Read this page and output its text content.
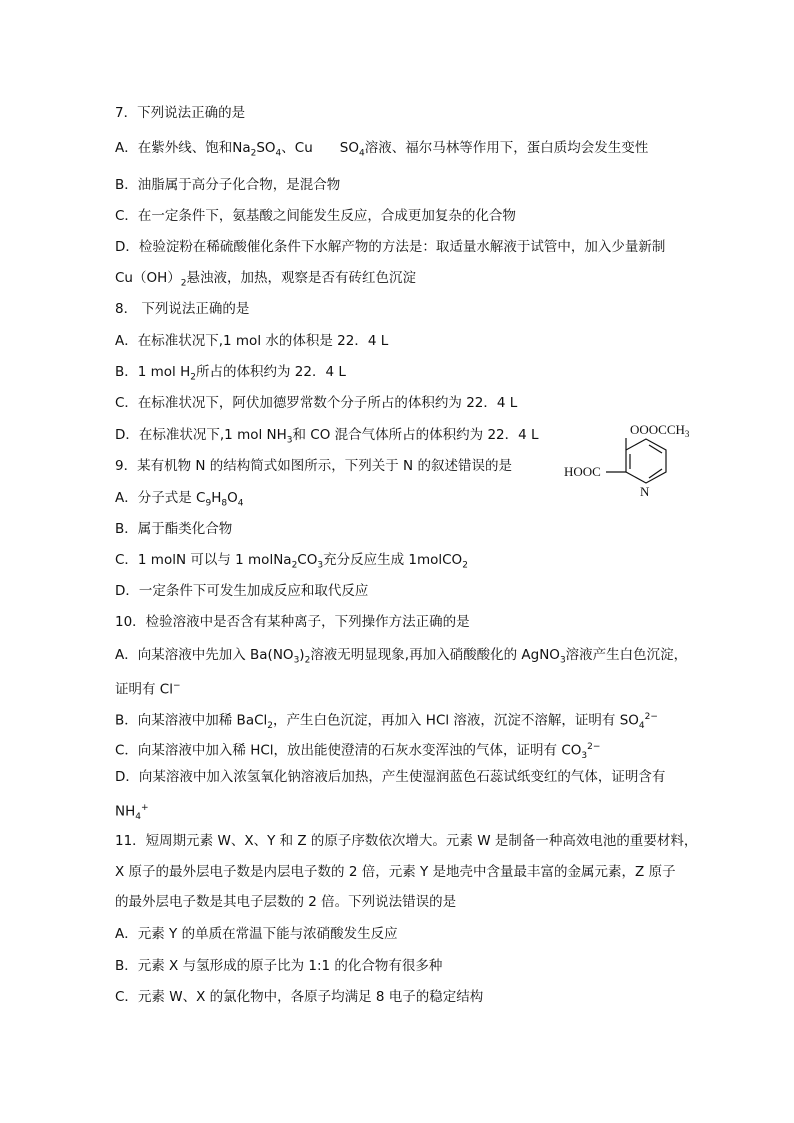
7．下列说法正确的是
A．在紫外线、饱和$Na_2SO_4$、Cu　　$SO_4$溶液、福尔马林等作用下，蛋白质均会发生变性
B．油脂属于高分子化合物，是混合物
C．在一定条件下，氨基酸之间能发生反应，合成更加复杂的化合物
D．检验淀粉在稀硫酸催化条件下水解产物的方法是：取适量水解液于试管中，加入少量新制
$Cu(OH)_2$悬浊液，加热，观察是否有砖红色沉淀
8． 下列说法正确的是
A．在标准状况下,1 mol 水的体积是 22．4 L
B．1 mol $H_2$所占的体积约为 22．4 L
C．在标准状况下，阿伏加德罗常数个分子所占的体积约为 22．4 L
D．在标准状况下,1 mol $NH_3$和 CO 混合气体所占的体积约为 22．4 L	$OOOCCH_3$
HOOC
N
9．某有机物 N 的结构简式如图所示，下列关于 N 的叙述错误的是
A．分子式是 $C_9H_8O_4$
B．属于酯类化合物
C．1 molN 可以与 1 $molNa_2CO_3$充分反应生成 1molCO$_2$
D．一定条件下可发生加成反应和取代反应
10．检验溶液中是否含有某种离子，下列操作方法正确的是
A．向某溶液中先加入 $Ba(NO_3)_2$溶液无明显现象,再加入硝酸酸化的 AgNO$_3$溶液产生白色沉淀，
证明有 Cl−
B．向某溶液中加稀 BaCl$_2$，产生白色沉淀，再加入 HCl 溶液，沉淀不溶解，证明有 $SO_4^{2-}$
C．向某溶液中加入稀 HCl，放出能使澄清的石灰水变浑浊的气体，证明有 $CO_3^{2-}$
D．向某溶液中加入浓氢氧化钠溶液后加热，产生使湿润蓝色石蕊试纸变红的气体，证明含有
$NH_4^+$
11．短周期元素 W、X、Y 和 Z 的原子序数依次增大。元素 W 是制备一种高效电池的重要材料，
X 原子的最外层电子数是内层电子数的 2 倍，元素 Y 是地壳中含量最丰富的金属元素，Z 原子
的最外层电子数是其电子层数的 2 倍。下列说法错误的是
A．元素 Y 的单质在常温下能与浓硝酸发生反应
B．元素 X 与氢形成的原子比为 1:1 的化合物有很多种
C．元素 W、X 的氯化物中，各原子均满足 8 电子的稳定结构
